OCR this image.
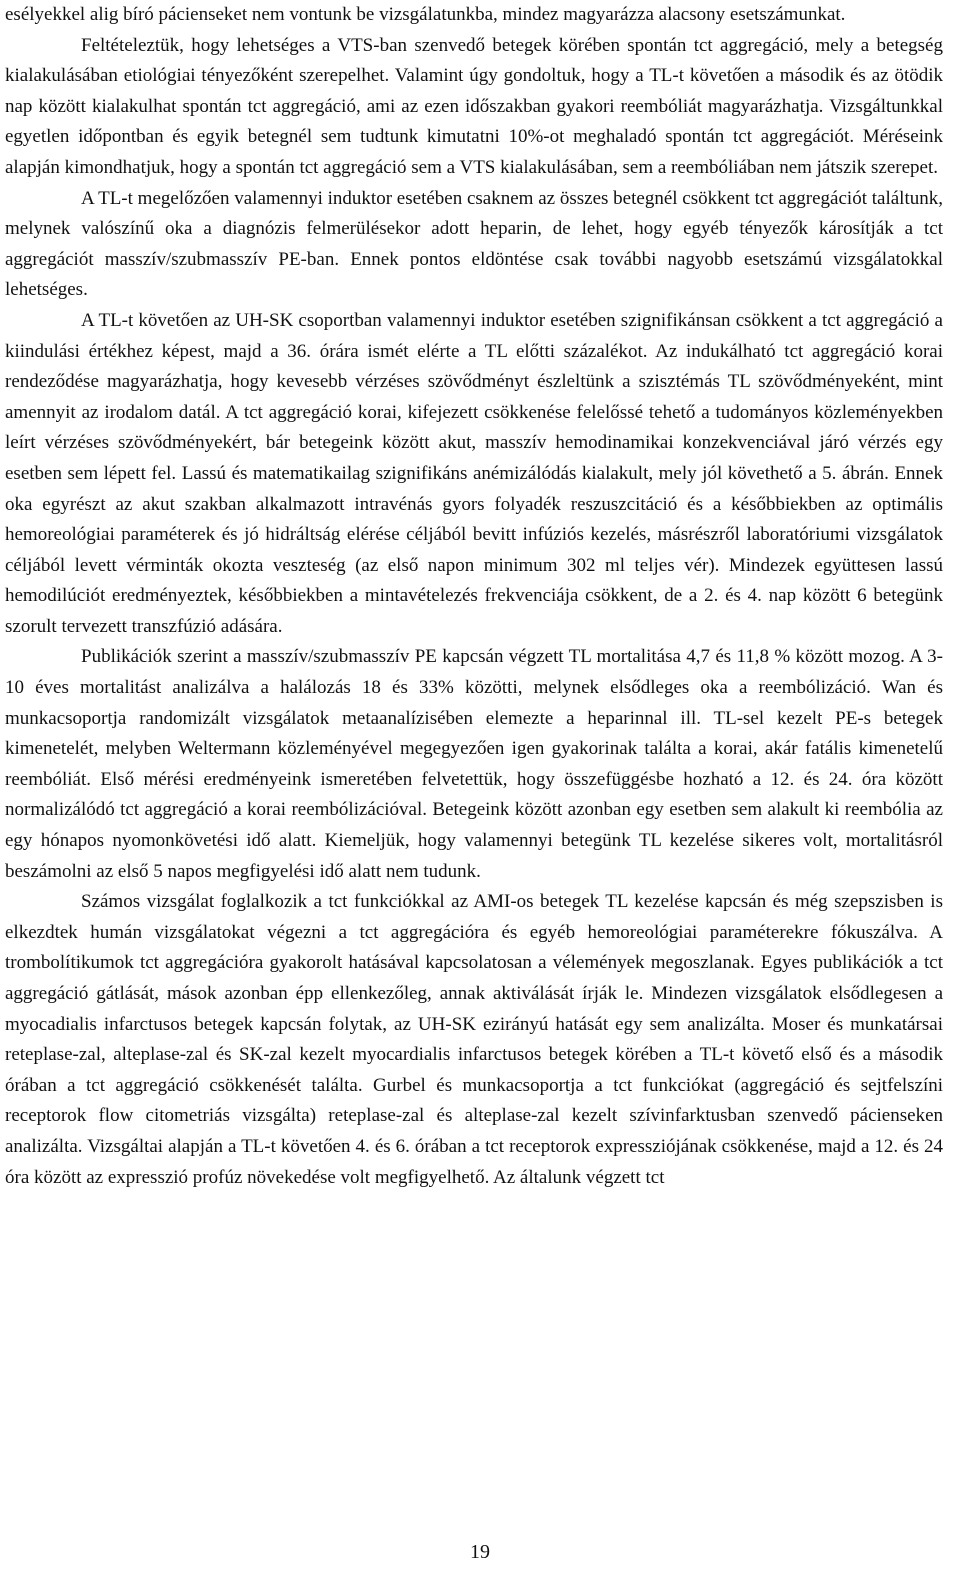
esélyekkel alig bíró pácienseket nem vontunk be vizsgálatunkba, mindez magyarázza alacsony esetszámunkat.

Feltételeztük, hogy lehetséges a VTS-ban szenvedő betegek körében spontán tct aggregáció, mely a betegség kialakulásában etiológiai tényezőként szerepelhet. Valamint úgy gondoltuk, hogy a TL-t követően a második és az ötödik nap között kialakulhat spontán tct aggregáció, ami az ezen időszakban gyakori reembóliát magyarázhatja. Vizsgáltunkkal egyetlen időpontban és egyik betegnél sem tudtunk kimutatni 10%-ot meghaladó spontán tct aggregációt. Méréseink alapján kimondhatjuk, hogy a spontán tct aggregáció sem a VTS kialakulásában, sem a reembóliában nem játszik szerepet.

A TL-t megelőzően valamennyi induktor esetében csaknem az összes betegnél csökkent tct aggregációt találtunk, melynek valószínű oka a diagnózis felmerülésekor adott heparin, de lehet, hogy egyéb tényezők károsítják a tct aggregációt masszív/szubmasszív PE-ban. Ennek pontos eldöntése csak további nagyobb esetszámú vizsgálatokkal lehetséges.

A TL-t követően az UH-SK csoportban valamennyi induktor esetében szignifikánsan csökkent a tct aggregáció a kiindulási értékhez képest, majd a 36. órára ismét elérte a TL előtti százalékot. Az indukálható tct aggregáció korai rendeződése magyarázhatja, hogy kevesebb vérzéses szövődményt észleltünk a szisztémás TL szövődményeként, mint amennyit az irodalom datál. A tct aggregáció korai, kifejezett csökkenése felelőssé tehető a tudományos közleményekben leírt vérzéses szövődményekért, bár betegeink között akut, masszív hemodinamikai konzekvenciával járó vérzés egy esetben sem lépett fel. Lassú és matematikailag szignifikáns anémizálódás kialakult, mely jól követhető a 5. ábrán. Ennek oka egyrészt az akut szakban alkalmazott intravénás gyors folyadék reszuszcitáció és a későbbiekben az optimális hemoreológiai paraméterek és jó hidráltság elérése céljából bevitt infúziós kezelés, másrészről laboratóriumi vizsgálatok céljából levett vérminták okozta veszteség (az első napon minimum 302 ml teljes vér). Mindezek együttesen lassú hemodilúciót eredményeztek, későbbiekben a mintavételezés frekvenciája csökkent, de a 2. és 4. nap között 6 betegünk szorult tervezett transzfúzió adására.

Publikációk szerint a masszív/szubmasszív PE kapcsán végzett TL mortalitása 4,7 és 11,8 % között mozog. A 3-10 éves mortalitást analizálva a halálozás 18 és 33% közötti, melynek elsődleges oka a reembólizáció. Wan és munkacsoportja randomizált vizsgálatok metaanalízisében elemezte a heparinnal ill. TL-sel kezelt PE-s betegek kimenetelét, melyben Weltermann közleményével megegyezően igen gyakorinak találta a korai, akár fatális kimenetelű reembóliát. Első mérési eredményeink ismeretében felvetettük, hogy összefüggésbe hozható a 12. és 24. óra között normalizálódó tct aggregáció a korai reembólizációval. Betegeink között azonban egy esetben sem alakult ki reembólia az egy hónapos nyomonkövetési idő alatt. Kiemeljük, hogy valamennyi betegünk TL kezelése sikeres volt, mortalitásról beszámolni az első 5 napos megfigyelési idő alatt nem tudunk.

Számos vizsgálat foglalkozik a tct funkciókkal az AMI-os betegek TL kezelése kapcsán és még szepszisben is elkezdtek humán vizsgálatokat végezni a tct aggregációra és egyéb hemoreológiai paraméterekre fókuszálva. A trombolítikumok tct aggregációra gyakorolt hatásával kapcsolatosan a vélemények megoszlanak. Egyes publikációk a tct aggregáció gátlását, mások azonban épp ellenkezőleg, annak aktiválását írják le. Mindezen vizsgálatok elsődlegesen a myocadialis infarctusos betegek kapcsán folytak, az UH-SK ezirányú hatását egy sem analizálta. Moser és munkatársai reteplase-zal, alteplase-zal és SK-zal kezelt myocardialis infarctusos betegek körében a TL-t követő első és a második órában a tct aggregáció csökkenését találta. Gurbel és munkacsoportja a tct funkciókat (aggregáció és sejtfelszíni receptorok flow citometriás vizsgálta) reteplase-zal és alteplase-zal kezelt szívinfarktusban szenvedő pácienseken analizálta. Vizsgáltai alapján a TL-t követően 4. és 6. órában a tct receptorok expressziójának csökkenése, majd a 12. és 24 óra között az expresszió profúz növekedése volt megfigyelhető. Az általunk végzett tct

19
